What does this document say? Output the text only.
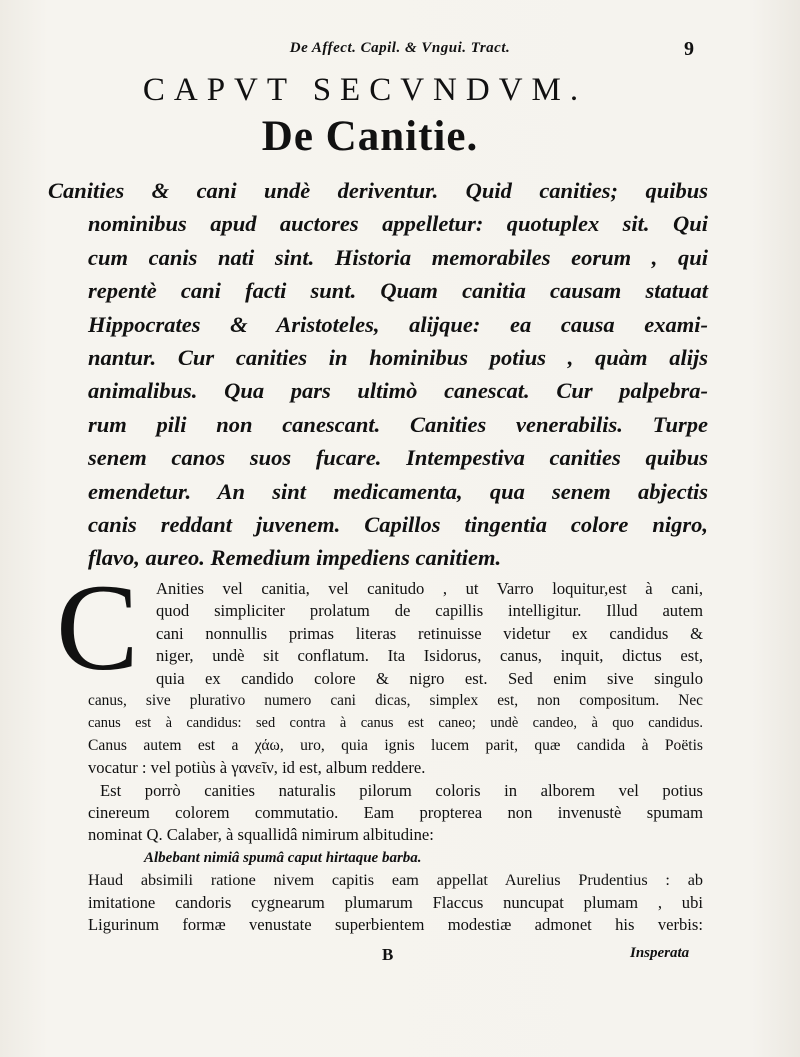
De Affect. Capil. & Vngui. Tract.	9
CAPVT SECVNDVM.
De Canitie.
Canities & cani undè deriventur. Quid canities; quibus
nominibus apud auctores appelletur: quotuplex sit. Qui
cum canis nati sint. Historia memorabiles eorum , qui
repentè cani facti sunt. Quam canitia causam statuat
Hippocrates & Aristoteles, alijque: ea causa exami-
nantur. Cur canities in hominibus potius , quàm alijs
animalibus. Qua pars ultimò canescat. Cur palpebra-
rum pili non canescant. Canities venerabilis. Turpe
senem canos suos fucare. Intempestiva canities quibus
emendetur. An sint medicamenta, qua senem abjectis
canis reddant juvenem. Capillos tingentia colore nigro,
flavo, aureo. Remedium impediens canitiem.
C Anities vel canitia, vel canitudo , ut Varro loquitur,est à cani,
quod simpliciter prolatum de capillis intelligitur. Illud autem
cani nonnullis primas literas retinuisse videtur ex candidus &
niger, undè sit conflatum. Ita Isidorus, canus, inquit, dictus est,
quia ex candido colore & nigro est. Sed enim sive singulo
canus, sive plurativo numero cani dicas, simplex est, non compositum. Nec
canus est à candidus: sed contra à canus est caneo; undè candeo, à quo candidus.
Canus autem est a χάω, uro, quia ignis lucem parit, quæ candida à Poëtis
vocatur : vel potiùs à γανεῖν, id est, album reddere.
Est porrò canities naturalis pilorum coloris in alborem vel potius
cinereum colorem commutatio. Eam propterea non invenustè spumam
nominat Q. Calaber, à squallidâ nimirum albitudine:
Albebant nimiâ spumâ caput hirtaque barba.
Haud absimili ratione nivem capitis eam appellat Aurelius Prudentius : ab
imitatione candoris cygnearum plumarum Flaccus nuncupat plumam , ubi
Ligurinum formæ venustate superbientem modestiæ admonet his verbis:
B	Insperata
